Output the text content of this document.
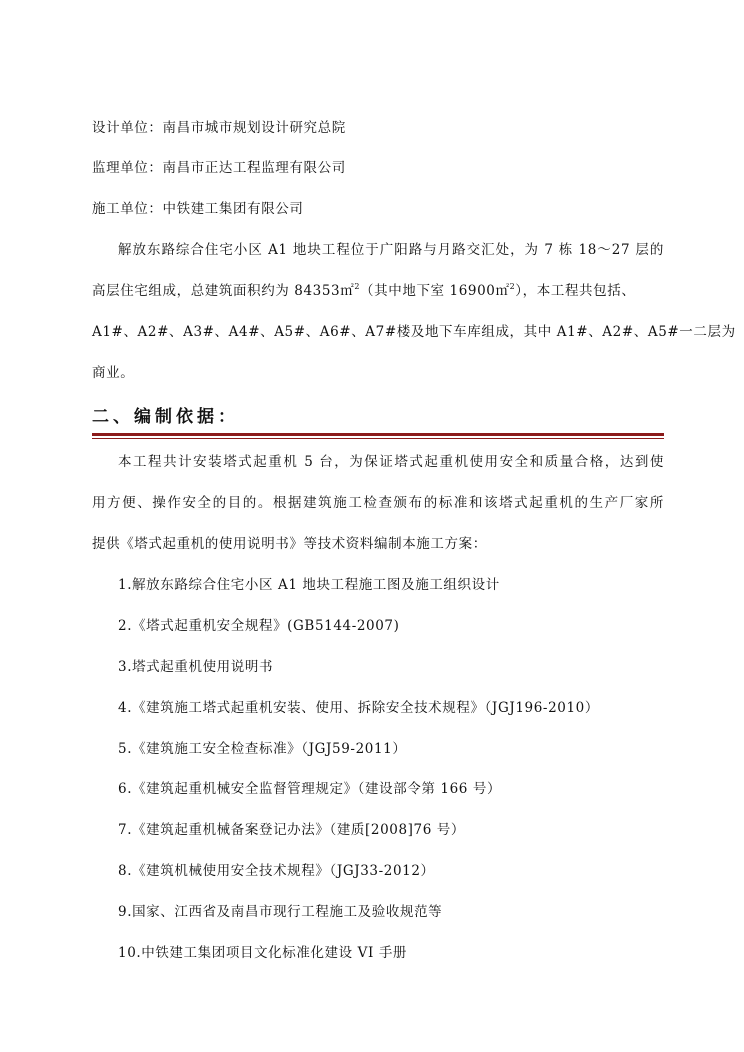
设计单位：南昌市城市规划设计研究总院
监理单位：南昌市正达工程监理有限公司
施工单位：中铁建工集团有限公司
解放东路综合住宅小区 A1 地块工程位于广阳路与月路交汇处，为 7 栋 18～27 层的
高层住宅组成，总建筑面积约为 84353㎡$^2$（其中地下室 16900㎡$^2$），本工程共包括、
A1#、A2#、A3#、A4#、A5#、A6#、A7#楼及地下车库组成，其中 A1#、A2#、A5#一二层为
商业。
二、编制依据：
本工程共计安装塔式起重机 5 台，为保证塔式起重机使用安全和质量合格，达到使
用方便、操作安全的目的。根据建筑施工检查颁布的标准和该塔式起重机的生产厂家所
提供《塔式起重机的使用说明书》等技术资料编制本施工方案：
1.解放东路综合住宅小区 A1 地块工程施工图及施工组织设计
2.《塔式起重机安全规程》(GB5144-2007)
3.塔式起重机使用说明书
4.《建筑施工塔式起重机安装、使用、拆除安全技术规程》（JGJ196-2010）
5.《建筑施工安全检查标准》（JGJ59-2011）
6.《建筑起重机械安全监督管理规定》（建设部令第 166 号）
7.《建筑起重机械备案登记办法》（建质[2008]76 号）
8.《建筑机械使用安全技术规程》（JGJ33-2012）
9.国家、江西省及南昌市现行工程施工及验收规范等
10.中铁建工集团项目文化标准化建设 VI 手册
